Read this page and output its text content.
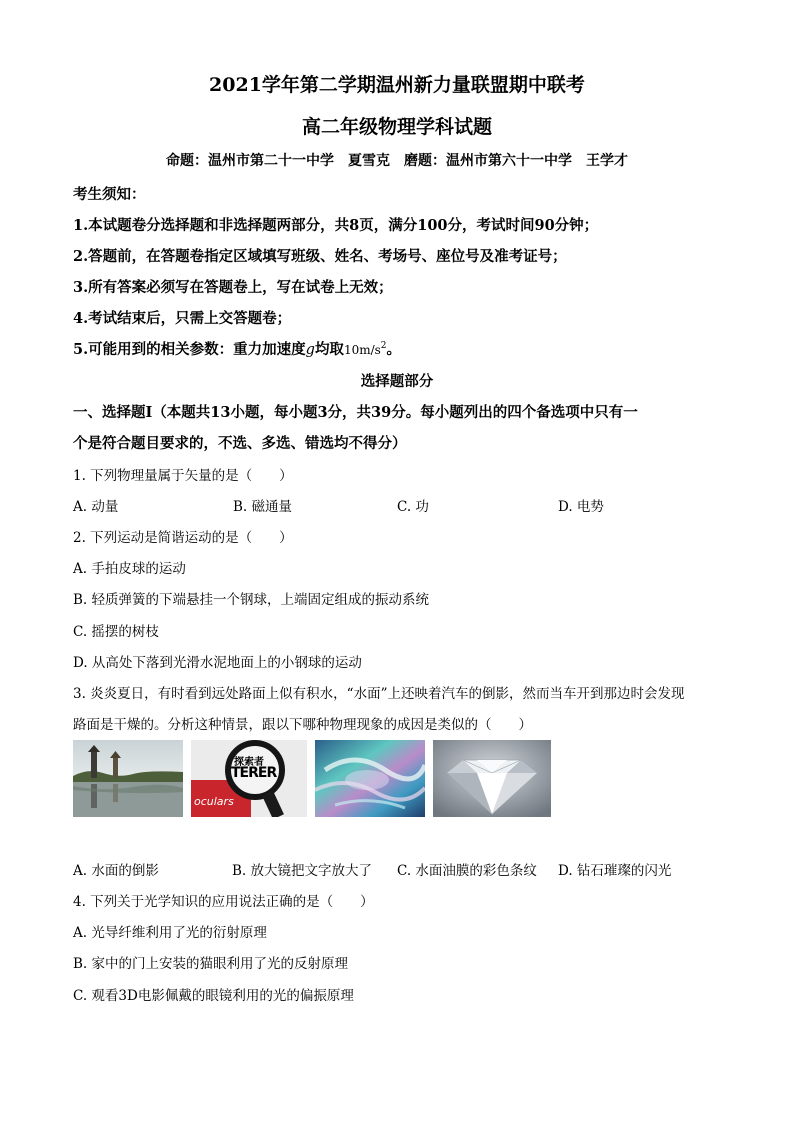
2021学年第二学期温州新力量联盟期中联考
高二年级物理学科试题
命题：温州市第二十一中学　夏雪克　磨题：温州市第六十一中学　王学才
考生须知：
1.本试题卷分选择题和非选择题两部分，共8页，满分100分，考试时间90分钟；
2.答题前，在答题卷指定区域填写班级、姓名、考场号、座位号及准考证号；
3.所有答案必须写在答题卷上，写在试卷上无效；
4.考试结束后，只需上交答题卷；
5.可能用到的相关参数：重力加速度g均取$10m/s^2$。
选择题部分
一、选择题Ⅰ（本题共13小题，每小题3分，共39分。每小题列出的四个备选项中只有一
个是符合题目要求的，不选、多选、错选均不得分）
1. 下列物理量属于矢量的是（　　）
A. 动量	B. 磁通量	C. 功	D. 电势
2. 下列运动是简谐运动的是（　　）
A. 手拍皮球的运动
B. 轻质弹簧的下端悬挂一个钢球，上端固定组成的振动系统
C. 摇摆的树枝
D. 从高处下落到光滑水泥地面上的小钢球的运动
3. 炎炎夏日，有时看到远处路面上似有积水，“水面”上还映着汽车的倒影，然而当车开到那边时会发现
路面是干燥的。分析这种情景，跟以下哪种物理现象的成因是类似的（　　）
探索者
TERER
oculars
A. 水面的倒影	B. 放大镜把文字放大了 C. 水面油膜的彩色条纹 D. 钻石璀璨的闪光
4. 下列关于光学知识的应用说法正确的是（　　）
A. 光导纤维利用了光的衍射原理
B. 家中的门上安装的猫眼利用了光的反射原理
C. 观看3D电影佩戴的眼镜利用的光的偏振原理
